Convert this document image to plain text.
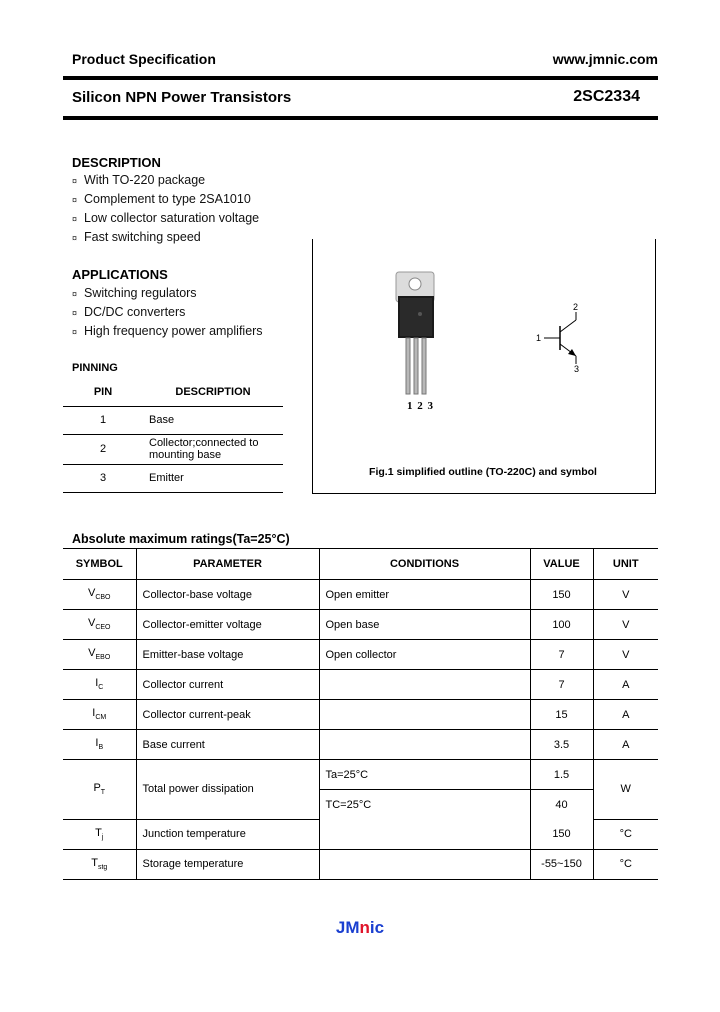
Product Specification	www.jmnic.com
Silicon NPN Power Transistors	2SC2334
DESCRIPTION
¤ With TO-220 package
¤ Complement to type 2SA1010
¤ Low collector saturation voltage
¤ Fast switching speed
APPLICATIONS
¤ Switching regulators
¤ DC/DC converters
¤ High frequency power amplifiers
PINNING
PIN	DESCRIPTION
1	Base
2	Collector;connected to mounting base
3	Emitter
1 2 3
1
2
3
Fig.1 simplified outline (TO-220C) and symbol
Absolute maximum ratings(Ta=25°C)
SYMBOL	PARAMETER	CONDITIONS	VALUE	UNIT
$V_{CBO}$	Collector-base voltage	Open emitter	150	V
$V_{CEO}$	Collector-emitter voltage	Open base	100	V
$V_{EBO}$	Emitter-base voltage	Open collector	7	V
$I_C$	Collector current		7	A
$I_{CM}$	Collector current-peak		15	A
$I_B$	Base current		3.5	A
$P_T$	Total power dissipation	Ta=25°C	1.5	W
		TC=25°C	40	
$T_j$	Junction temperature		150	°C
$T_{stg}$	Storage temperature		-55~150	°C
JMnic
